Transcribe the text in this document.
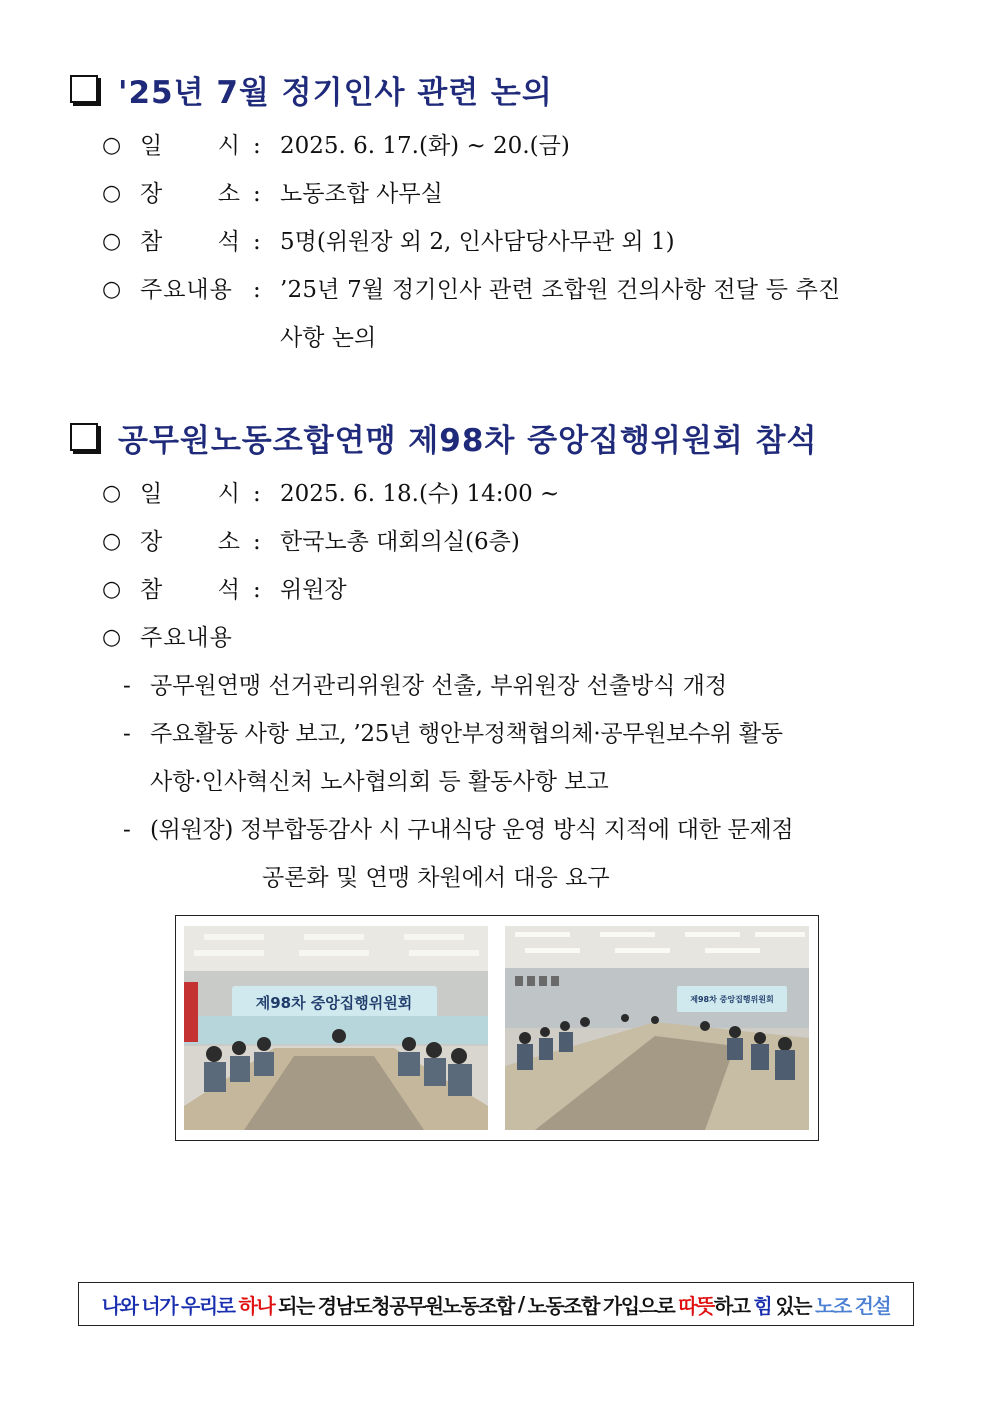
'25년 7월 정기인사 관련 논의
○ 일 시 : 2025. 6. 17.(화) ~ 20.(금)
○ 장 소 : 노동조합 사무실
○ 참 석 : 5명(위원장 외 2, 인사담당사무관 외 1)
○ 주요내용 : ’25년 7월 정기인사 관련 조합원 건의사항 전달 등 추진
사항 논의
공무원노동조합연맹 제98차 중앙집행위원회 참석
○ 일 시 : 2025. 6. 18.(수) 14:00 ~
○ 장 소 : 한국노총 대회의실(6층)
○ 참 석 : 위원장
○ 주요내용
- 공무원연맹 선거관리위원장 선출, 부위원장 선출방식 개정
- 주요활동 사항 보고, ’25년 행안부정책협의체·공무원보수위 활동
사항·인사혁신처 노사협의회 등 활동사항 보고
- (위원장) 정부합동감사 시 구내식당 운영 방식 지적에 대한 문제점
공론화 및 연맹 차원에서 대응 요구
제98차 중앙집행위원회	제98차 중앙집행위원회
나와 너가 우리로 하나 되는 경남도청공무원노동조합 / 노동조합 가입으로 따뜻 하고 힘 있는 노조 건설
